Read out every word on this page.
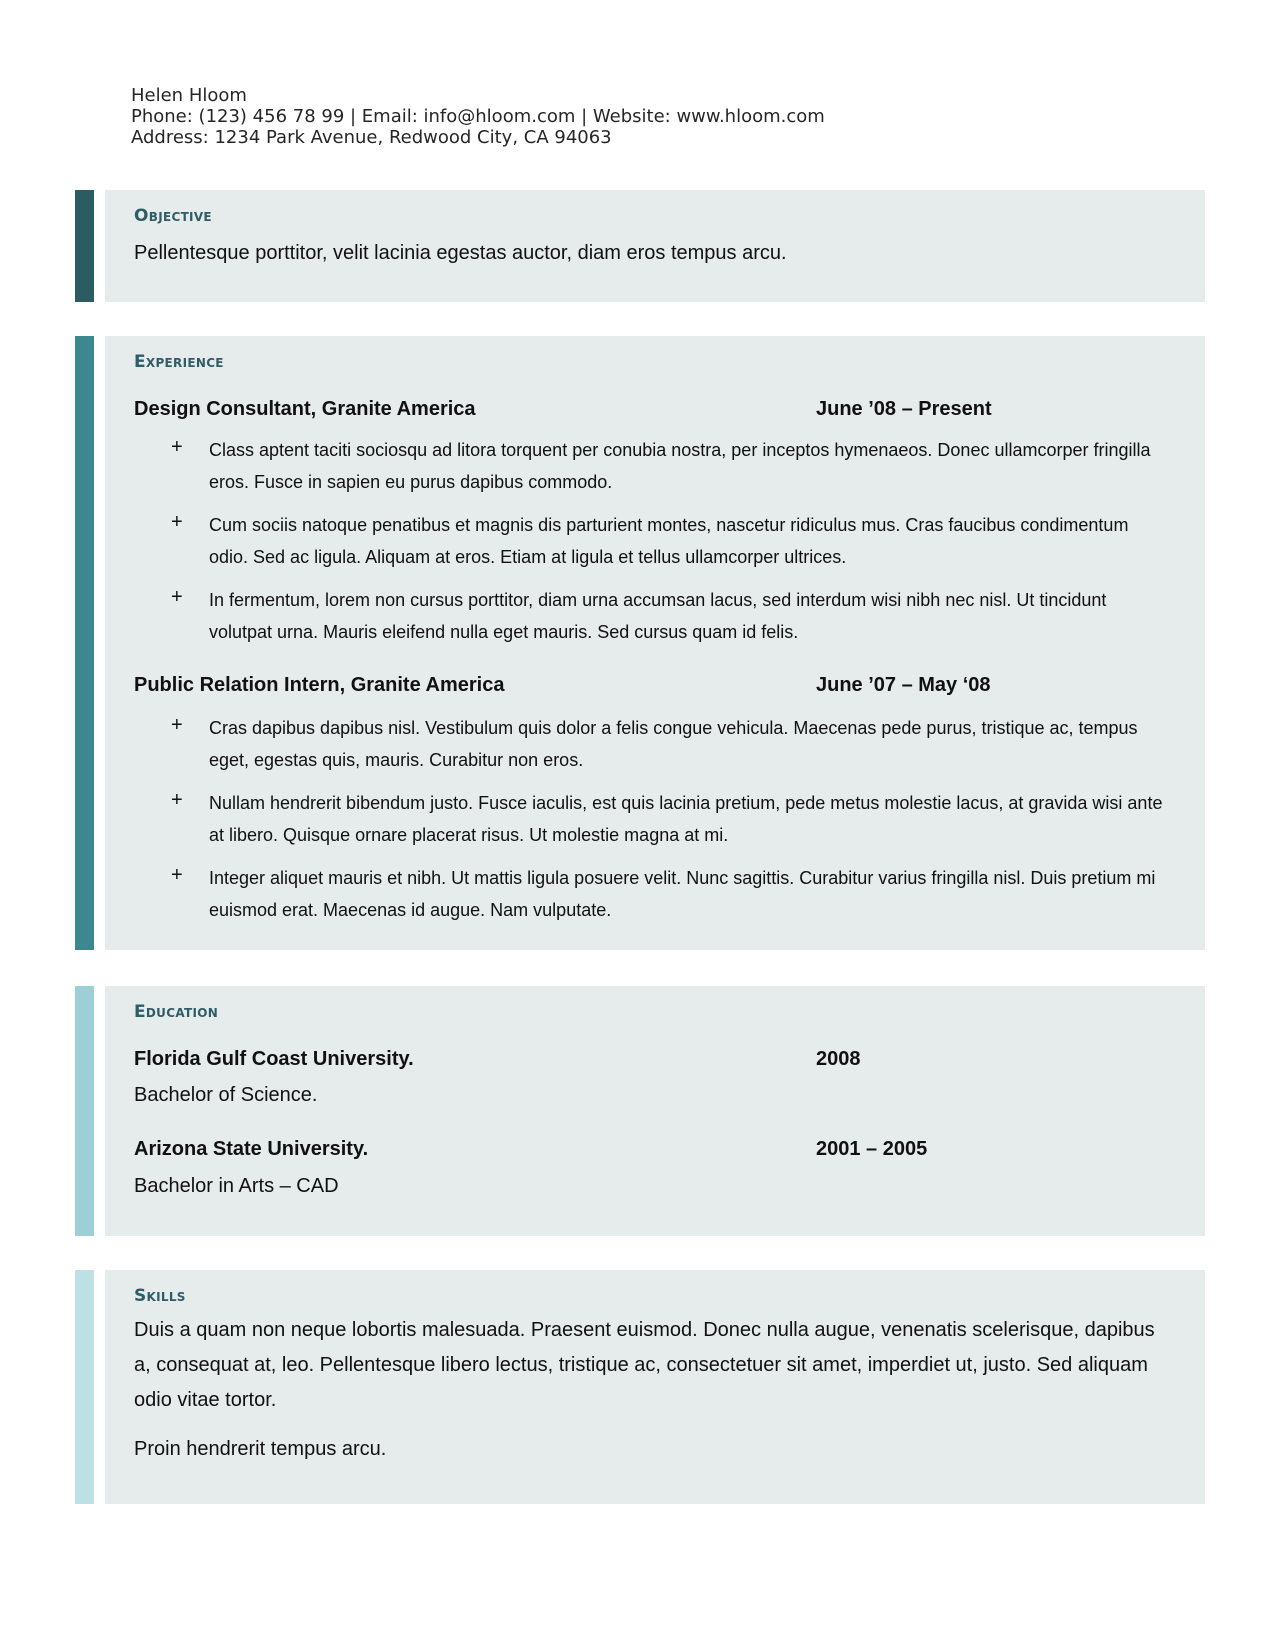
Helen Hloom
Phone: (123) 456 78 99 | Email: info@hloom.com | Website: www.hloom.com
Address: 1234 Park Avenue, Redwood City, CA 94063
Objective
Pellentesque porttitor, velit lacinia egestas auctor, diam eros tempus arcu.
Experience
Design Consultant, Granite America	June ’08 – Present
+	Class aptent taciti sociosqu ad litora torquent per conubia nostra, per inceptos hymenaeos. Donec ullamcorper fringilla eros. Fusce in sapien eu purus dapibus commodo.
+	Cum sociis natoque penatibus et magnis dis parturient montes, nascetur ridiculus mus. Cras faucibus condimentum odio. Sed ac ligula. Aliquam at eros. Etiam at ligula et tellus ullamcorper ultrices.
+	In fermentum, lorem non cursus porttitor, diam urna accumsan lacus, sed interdum wisi nibh nec nisl. Ut tincidunt volutpat urna. Mauris eleifend nulla eget mauris. Sed cursus quam id felis.
Public Relation Intern, Granite America	June ’07 – May ‘08
+	Cras dapibus dapibus nisl. Vestibulum quis dolor a felis congue vehicula. Maecenas pede purus, tristique ac, tempus eget, egestas quis, mauris. Curabitur non eros.
+	Nullam hendrerit bibendum justo. Fusce iaculis, est quis lacinia pretium, pede metus molestie lacus, at gravida wisi ante at libero. Quisque ornare placerat risus. Ut molestie magna at mi.
+	Integer aliquet mauris et nibh. Ut mattis ligula posuere velit. Nunc sagittis. Curabitur varius fringilla nisl. Duis pretium mi euismod erat. Maecenas id augue. Nam vulputate.
Education
Florida Gulf Coast University.	2008
Bachelor of Science.
Arizona State University.	2001 – 2005
Bachelor in Arts – CAD
Skills
Duis a quam non neque lobortis malesuada. Praesent euismod. Donec nulla augue, venenatis scelerisque, dapibus a, consequat at, leo. Pellentesque libero lectus, tristique ac, consectetuer sit amet, imperdiet ut, justo. Sed aliquam odio vitae tortor.
Proin hendrerit tempus arcu.
